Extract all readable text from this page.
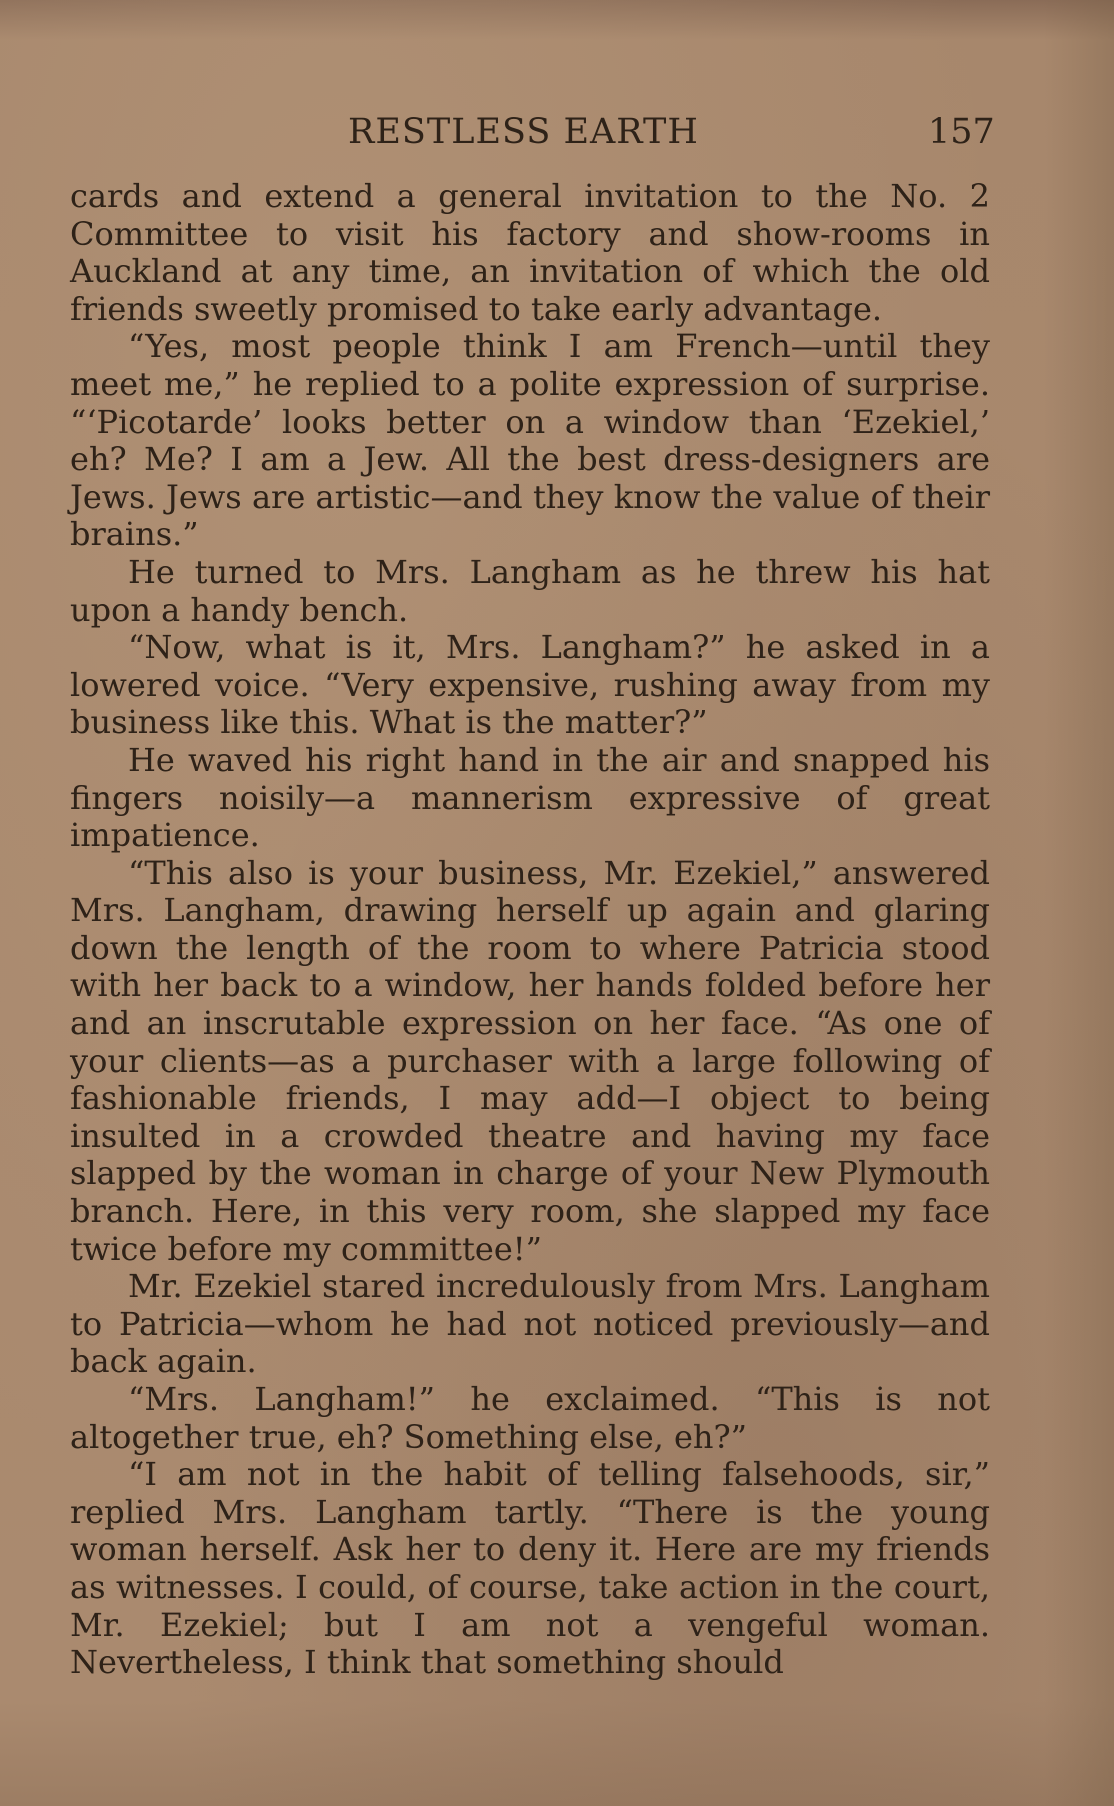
RESTLESS EARTH	157

cards and extend a general invitation to the No. 2 Committee to visit his factory and show-rooms in Auckland at any time, an invitation of which the old friends sweetly promised to take early advantage.

“Yes, most people think I am French—until they meet me,” he replied to a polite expression of surprise. “‘Picotarde’ looks better on a window than ‘Ezekiel,’ eh? Me? I am a Jew. All the best dress-designers are Jews. Jews are artistic—and they know the value of their brains.”

He turned to Mrs. Langham as he threw his hat upon a handy bench.

“Now, what is it, Mrs. Langham?” he asked in a lowered voice. “Very expensive, rushing away from my business like this. What is the matter?”

He waved his right hand in the air and snapped his fingers noisily—a mannerism expressive of great impatience.

“This also is your business, Mr. Ezekiel,” answered Mrs. Langham, drawing herself up again and glaring down the length of the room to where Patricia stood with her back to a window, her hands folded before her and an inscrutable expression on her face. “As one of your clients—as a purchaser with a large following of fashionable friends, I may add—I object to being insulted in a crowded theatre and having my face slapped by the woman in charge of your New Plymouth branch. Here, in this very room, she slapped my face twice before my committee!”

Mr. Ezekiel stared incredulously from Mrs. Langham to Patricia—whom he had not noticed previously—and back again.

“Mrs. Langham!” he exclaimed. “This is not altogether true, eh? Something else, eh?”

“I am not in the habit of telling falsehoods, sir,” replied Mrs. Langham tartly. “There is the young woman herself. Ask her to deny it. Here are my friends as witnesses. I could, of course, take action in the court, Mr. Ezekiel; but I am not a vengeful woman. Nevertheless, I think that something should
